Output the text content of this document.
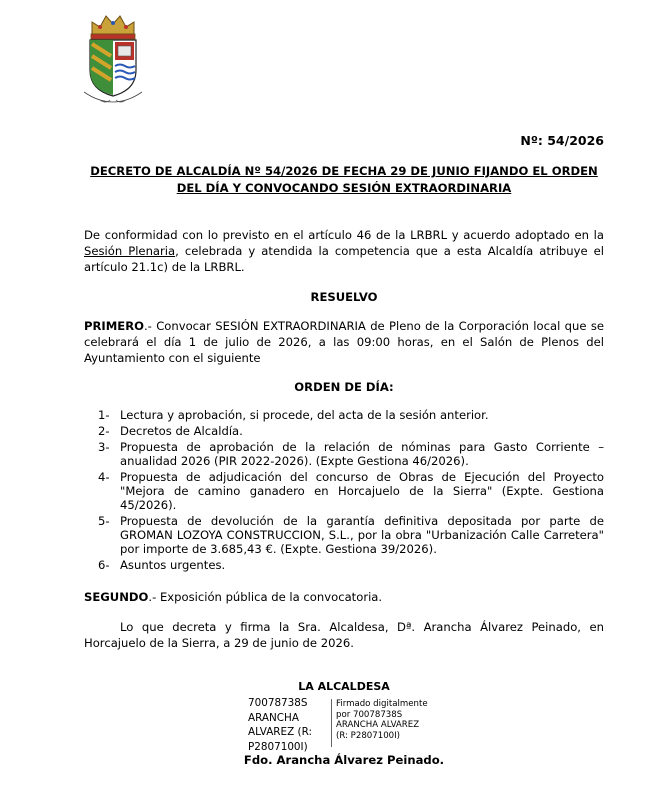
Nº: 54/2026
DECRETO DE ALCALDÍA Nº 54/2026 DE FECHA 29 DE JUNIO FIJANDO EL ORDEN
DEL DÍA Y CONVOCANDO SESIÓN EXTRAORDINARIA
De conformidad con lo previsto en el artículo 46 de la LRBRL y acuerdo adoptado en la Sesión Plenaria, celebrada y atendida la competencia que a esta Alcaldía atribuye el artículo 21.1c) de la LRBRL.
RESUELVO
PRIMERO.- Convocar SESIÓN EXTRAORDINARIA de Pleno de la Corporación local que se celebrará el día 1 de julio de 2026, a las 09:00 horas, en el Salón de Plenos del Ayuntamiento con el siguiente
ORDEN DE DÍA:
1- Lectura y aprobación, si procede, del acta de la sesión anterior.
2- Decretos de Alcaldía.
3- Propuesta de aprobación de la relación de nóminas para Gasto Corriente – anualidad 2026 (PIR 2022-2026). (Expte Gestiona 46/2026).
4- Propuesta de adjudicación del concurso de Obras de Ejecución del Proyecto "Mejora de camino ganadero en Horcajuelo de la Sierra" (Expte. Gestiona 45/2026).
5- Propuesta de devolución de la garantía definitiva depositada por parte de GROMAN LOZOYA CONSTRUCCION, S.L., por la obra "Urbanización Calle Carretera" por importe de 3.685,43 €. (Expte. Gestiona 39/2026).
6- Asuntos urgentes.
SEGUNDO.- Exposición pública de la convocatoria.
Lo que decreta y firma la Sra. Alcaldesa, Dª. Arancha Álvarez Peinado, en Horcajuelo de la Sierra, a 29 de junio de 2026.
LA ALCALDESA
70078738S
ARANCHA
ALVAREZ (R:
P2807100I)
Firmado digitalmente
por 70078738S
ARANCHA ALVAREZ
(R: P2807100I)
Fdo. Arancha Álvarez Peinado.
